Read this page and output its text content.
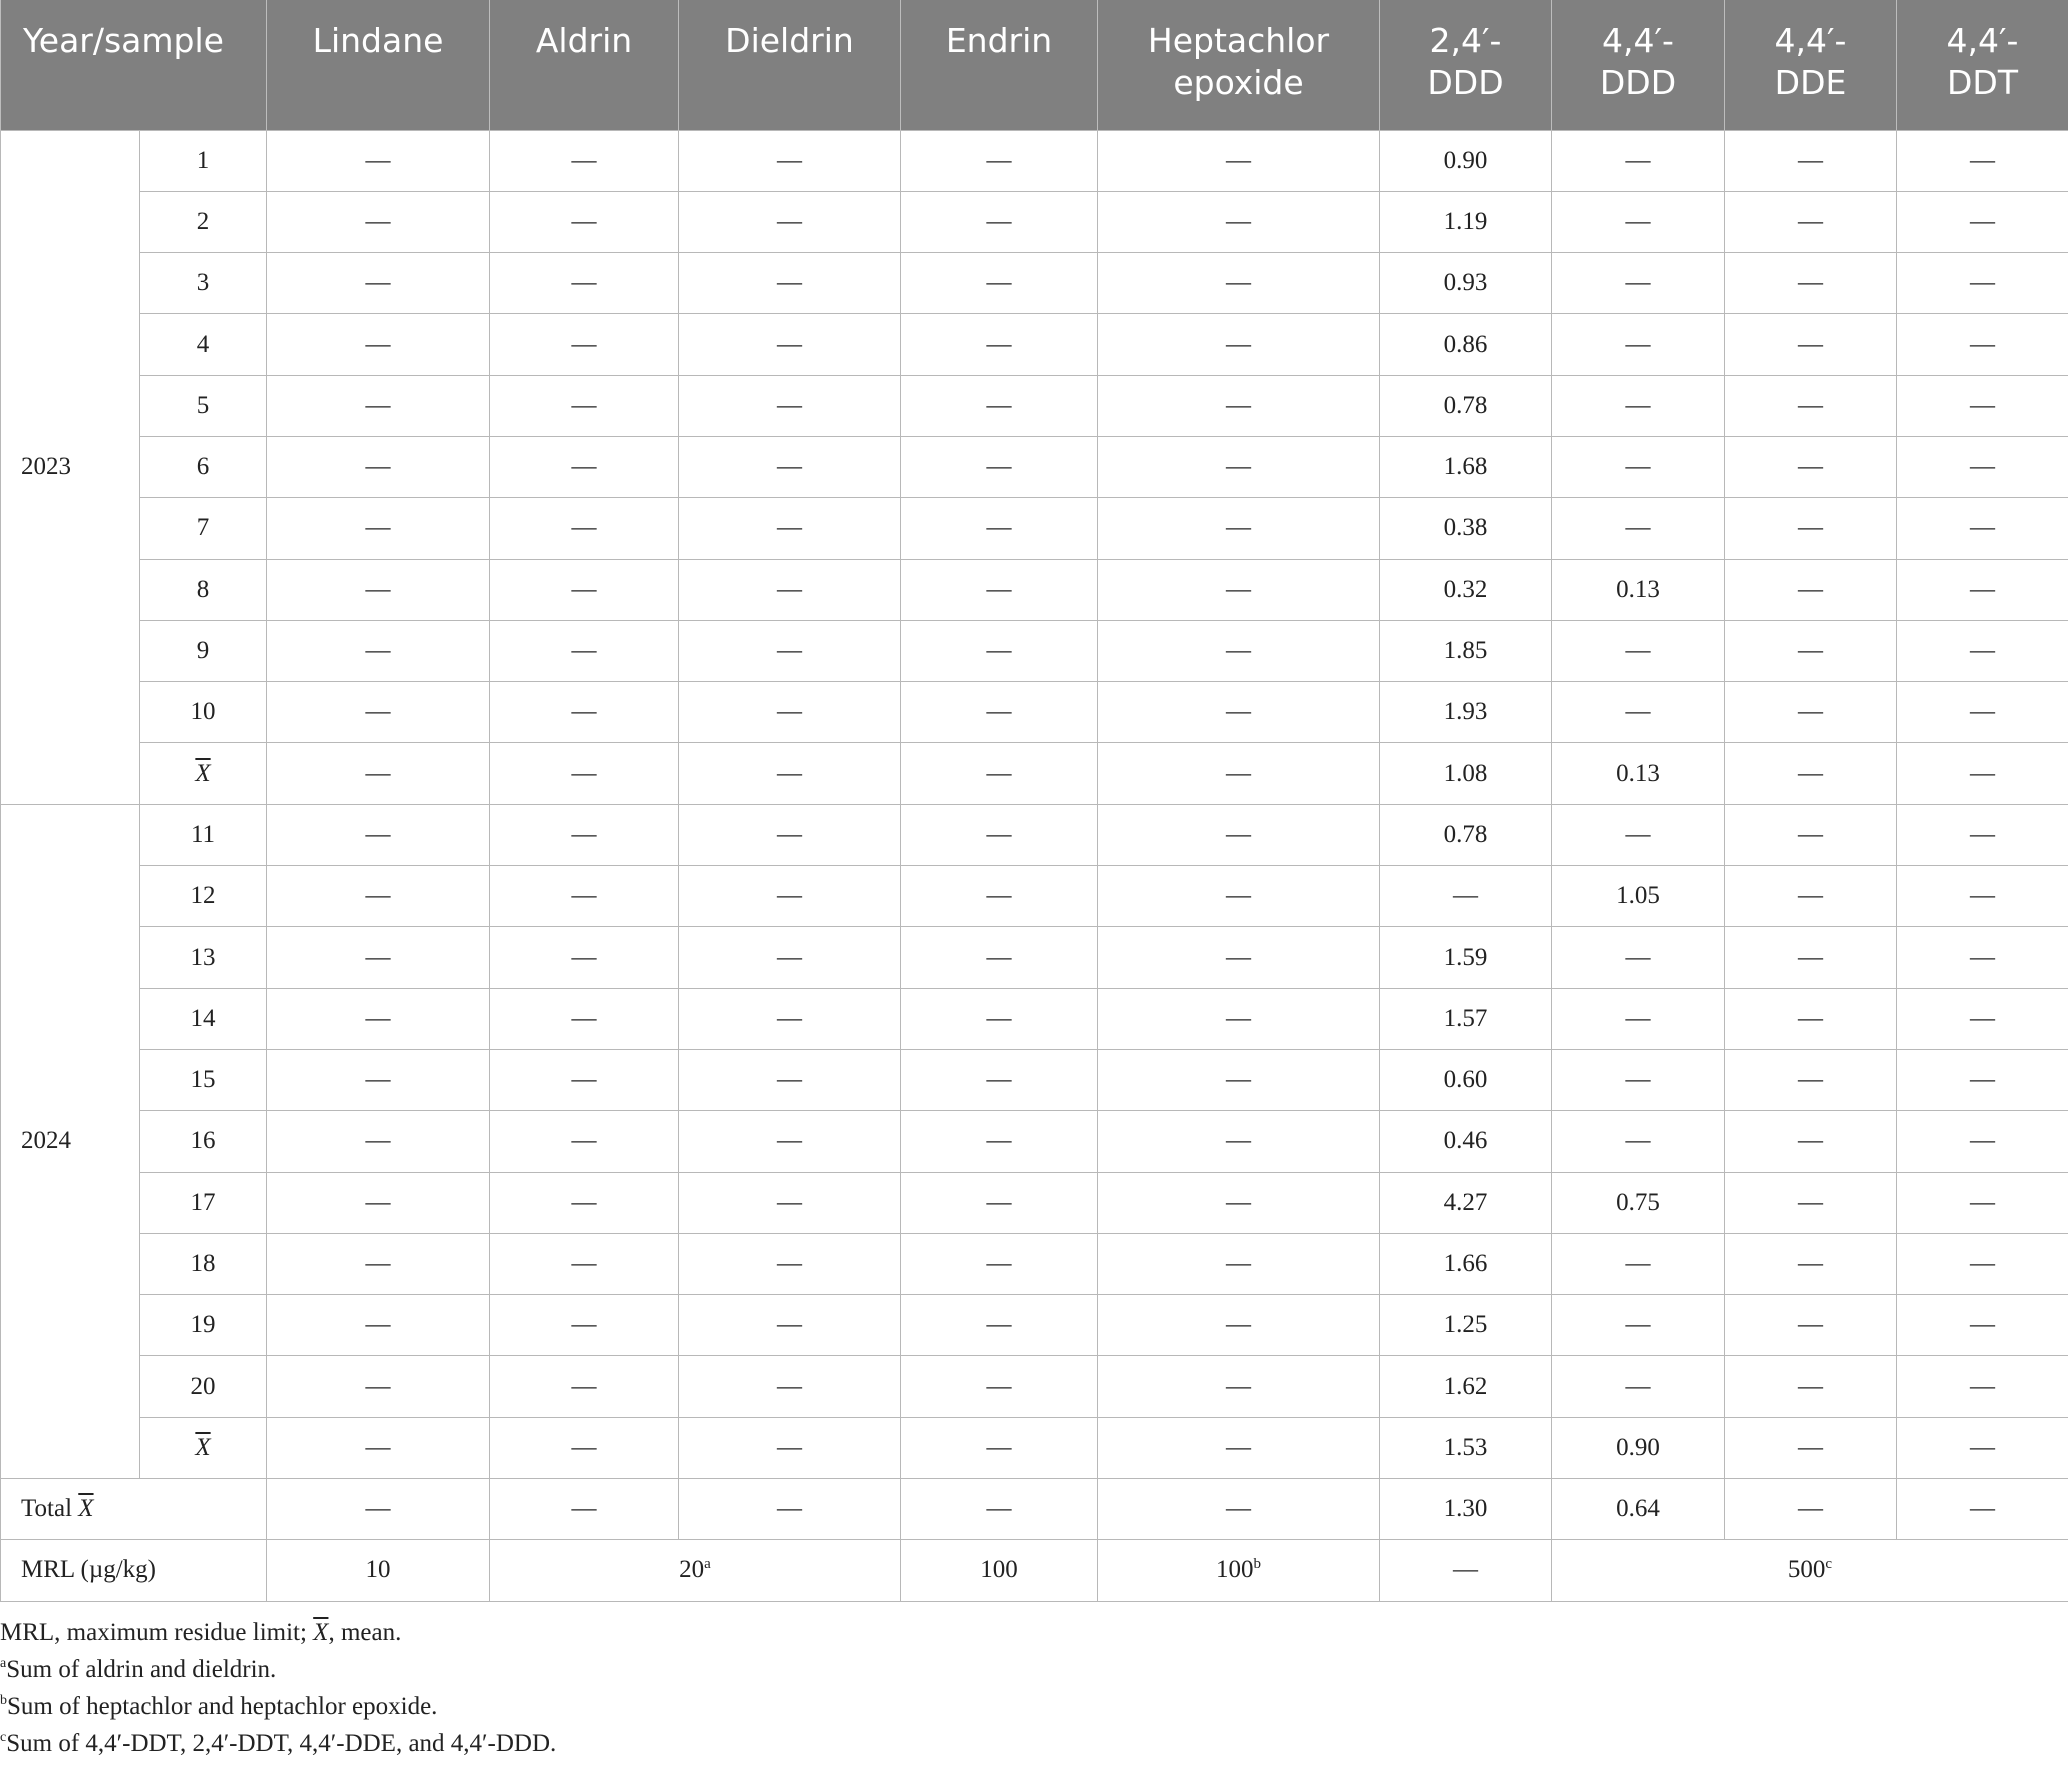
Year/sample		Lindane	Aldrin	Dieldrin	Endrin	Heptachlor epoxide	2,4′-DDD	4,4′-DDD	4,4′-DDE	4,4′-DDT
2023	1	—	—	—	—	—	0.90	—	—	—
	2	—	—	—	—	—	1.19	—	—	—
	3	—	—	—	—	—	0.93	—	—	—
	4	—	—	—	—	—	0.86	—	—	—
	5	—	—	—	—	—	0.78	—	—	—
	6	—	—	—	—	—	1.68	—	—	—
	7	—	—	—	—	—	0.38	—	—	—
	8	—	—	—	—	—	0.32	0.13	—	—
	9	—	—	—	—	—	1.85	—	—	—
	10	—	—	—	—	—	1.93	—	—	—
	$\overline{X}$	—	—	—	—	—	1.08	0.13	—	—
2024	11	—	—	—	—	—	0.78	—	—	—
	12	—	—	—	—	—	—	1.05	—	—
	13	—	—	—	—	—	1.59	—	—	—
	14	—	—	—	—	—	1.57	—	—	—
	15	—	—	—	—	—	0.60	—	—	—
	16	—	—	—	—	—	0.46	—	—	—
	17	—	—	—	—	—	4.27	0.75	—	—
	18	—	—	—	—	—	1.66	—	—	—
	19	—	—	—	—	—	1.25	—	—	—
	20	—	—	—	—	—	1.62	—	—	—
	$\overline{X}$	—	—	—	—	—	1.53	0.90	—	—
Total $\overline{X}$		—	—	—	—	—	1.30	0.64	—	—
MRL (µg/kg)		10	20$^a$		100	100$^b$	—	500$^c$

MRL, maximum residue limit; $\overline{X}$, mean.

$^a$Sum of aldrin and dieldrin.

$^b$Sum of heptachlor and heptachlor epoxide.

$^c$Sum of 4,4′-DDT, 2,4′-DDT, 4,4′-DDE, and 4,4′-DDD.
